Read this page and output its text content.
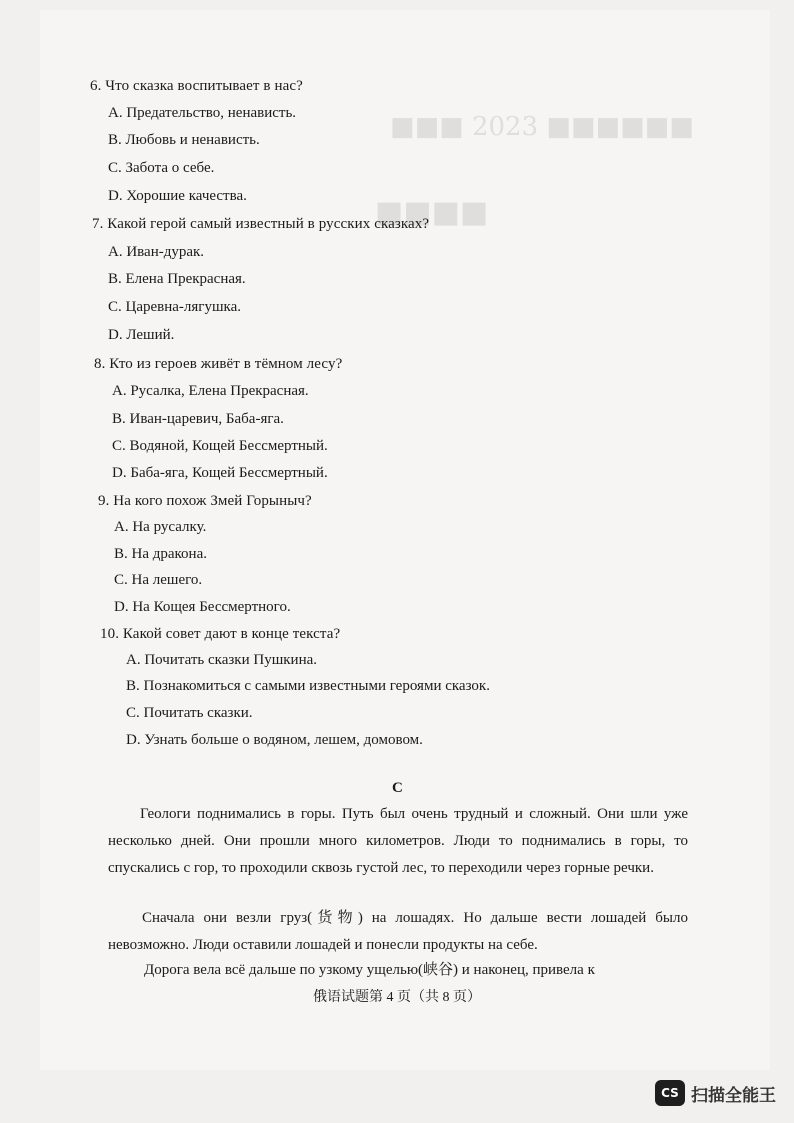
6. Что сказка воспитывает в нас?
A. Предательство, ненависть.
B. Любовь и ненависть.
C. Забота о себе.
D. Хорошие качества.
7. Какой герой самый известный в русских сказках?
A. Иван-дурак.
B. Елена Прекрасная.
C. Царевна-лягушка.
D. Леший.
8. Кто из героев живёт в тёмном лесу?
A. Русалка, Елена Прекрасная.
B. Иван-царевич, Баба-яга.
C. Водяной, Кощей Бессмертный.
D. Баба-яга, Кощей Бессмертный.
9. На кого похож Змей Горыныч?
A. На русалку.
B. На дракона.
C. На лешего.
D. На Кощея Бессмертного.
10. Какой совет дают в конце текста?
A. Почитать сказки Пушкина.
B. Познакомиться с самыми известными героями сказок.
C. Почитать сказки.
D. Узнать больше о водяном, лешем, домовом.
C
Геологи поднимались в горы. Путь был очень трудный и сложный. Они шли уже несколько дней. Они прошли много километров. Люди то поднимались в горы, то спускались с гор, то проходили сквозь густой лес, то переходили через горные речки.
Сначала они везли груз(货物) на лошадях. Но дальше вести лошадей было невозможно. Люди оставили лошадей и понесли продукты на себе.
Дорога вела всё дальше по узкому ущелью(峡谷) и наконец, привела к
俄语试题第 4 页（共 8 页）
CS 扫描全能王
